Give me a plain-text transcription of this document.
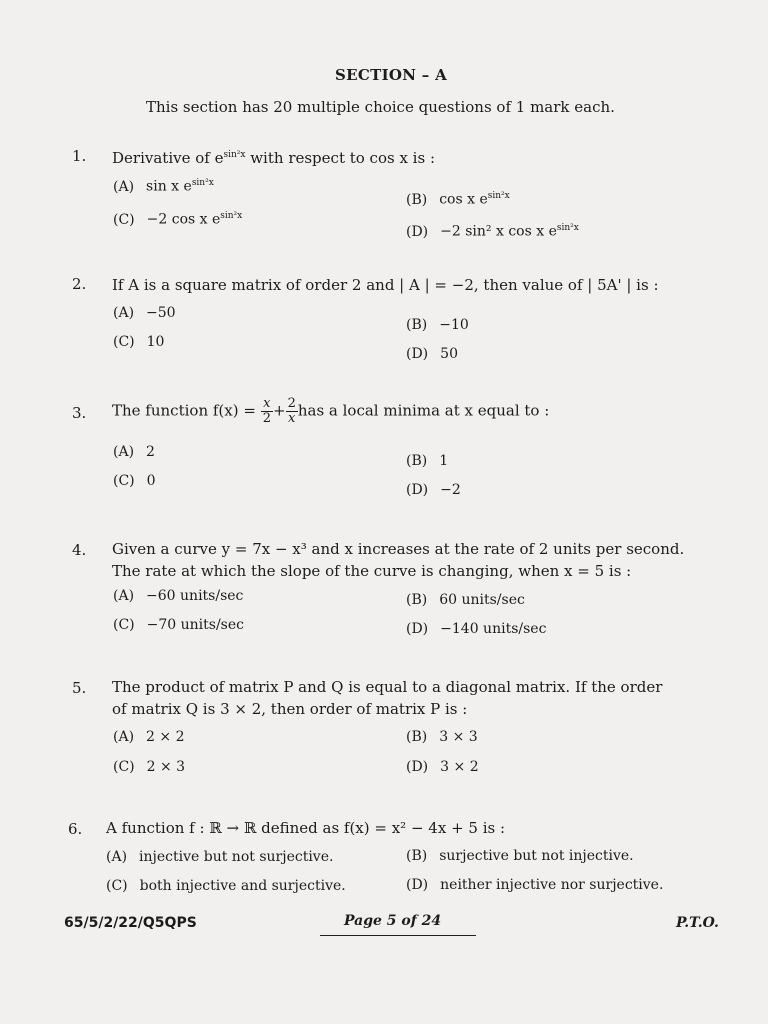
SECTION – A
This section has 20 multiple choice questions of 1 mark each.
1. Derivative of $e^{sin^2x}$ with respect to cos x is :
(A) sin x $e^{sin^2x}$
(B) cos x $e^{sin^2x}$
(C) −2 cos x $e^{sin^2x}$
(D) −2 sin² x cos x $e^{sin^2x}$
2. If A is a square matrix of order 2 and | A | = −2, then value of | 5A' | is :
(A) −50
(B) −10
(C) 10
(D) 50
3. The function $f(x) = \frac{x}{2} + \frac{2}{x}$ has a local minima at x equal to :
(A) 2
(B) 1
(C) 0
(D) −2
4. Given a curve y = 7x − x³ and x increases at the rate of 2 units per second.
The rate at which the slope of the curve is changing, when x = 5 is :
(A) −60 units/sec	(B) 60 units/sec
(C) −70 units/sec	(D) −140 units/sec
5. The product of matrix P and Q is equal to a diagonal matrix. If the order
of matrix Q is 3 × 2, then order of matrix P is :
(A) 2 × 2	(B) 3 × 3
(C) 2 × 3	(D) 3 × 2
6. A function f : ℝ → ℝ defined as f(x) = x² − 4x + 5 is :
(A) injective but not surjective.	(B) surjective but not injective.
(C) both injective and surjective.	(D) neither injective nor surjective.
65/5/2/22/Q5QPS	Page 5 of 24	P.T.O.
